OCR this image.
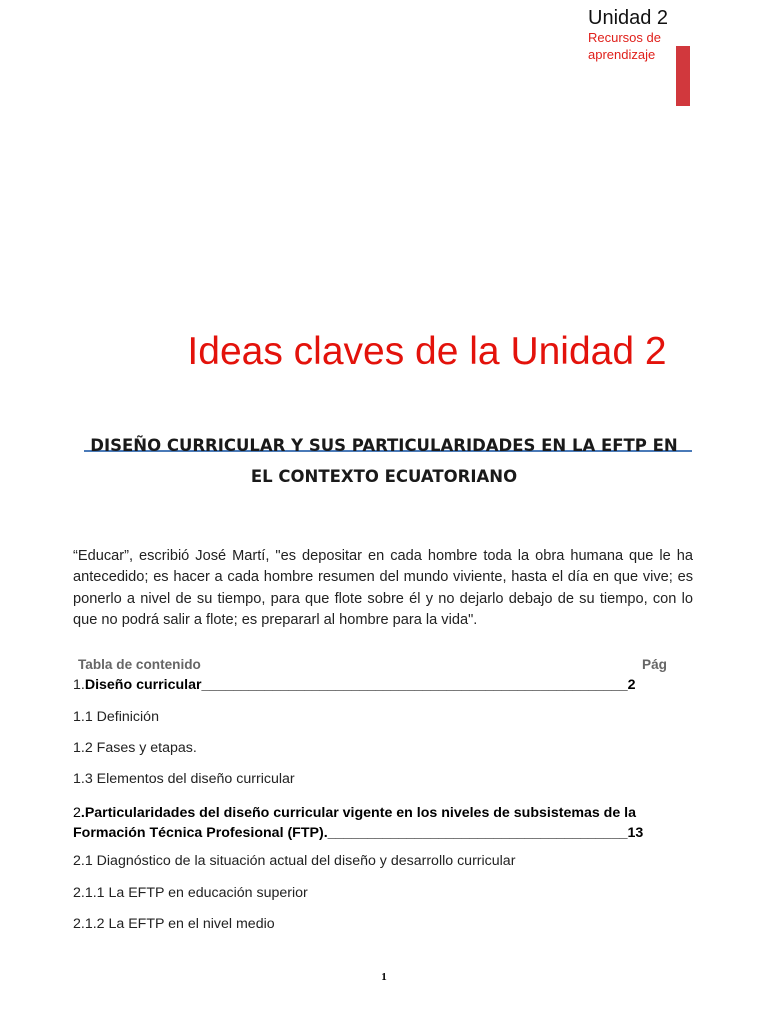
Unidad 2
Recursos de
aprendizaje
Ideas claves de la Unidad 2
DISEÑO CURRICULAR Y SUS PARTICULARIDADES EN LA EFTP EN
EL CONTEXTO ECUATORIANO
“Educar”, escribió José Martí, "es depositar en cada hombre toda la obra humana que le ha antecedido; es hacer a cada hombre resumen del mundo viviente, hasta el día en que vive; es ponerlo a nivel de su tiempo, para que flote sobre él y no dejarlo debajo de su tiempo, con lo que no podrá salir a flote; es prepararl al hombre para la vida".
Tabla de contenido	Pág
1.Diseño curricular______________________________________________________2
1.1 Definición
1.2 Fases y etapas.
1.3 Elementos del diseño curricular
2.Particularidades del diseño curricular vigente en los niveles de subsistemas de la
Formación Técnica Profesional (FTP).______________________________________13
2.1 Diagnóstico de la situación actual del diseño y desarrollo curricular
2.1.1 La EFTP en educación superior
2.1.2 La EFTP en el nivel medio
1
